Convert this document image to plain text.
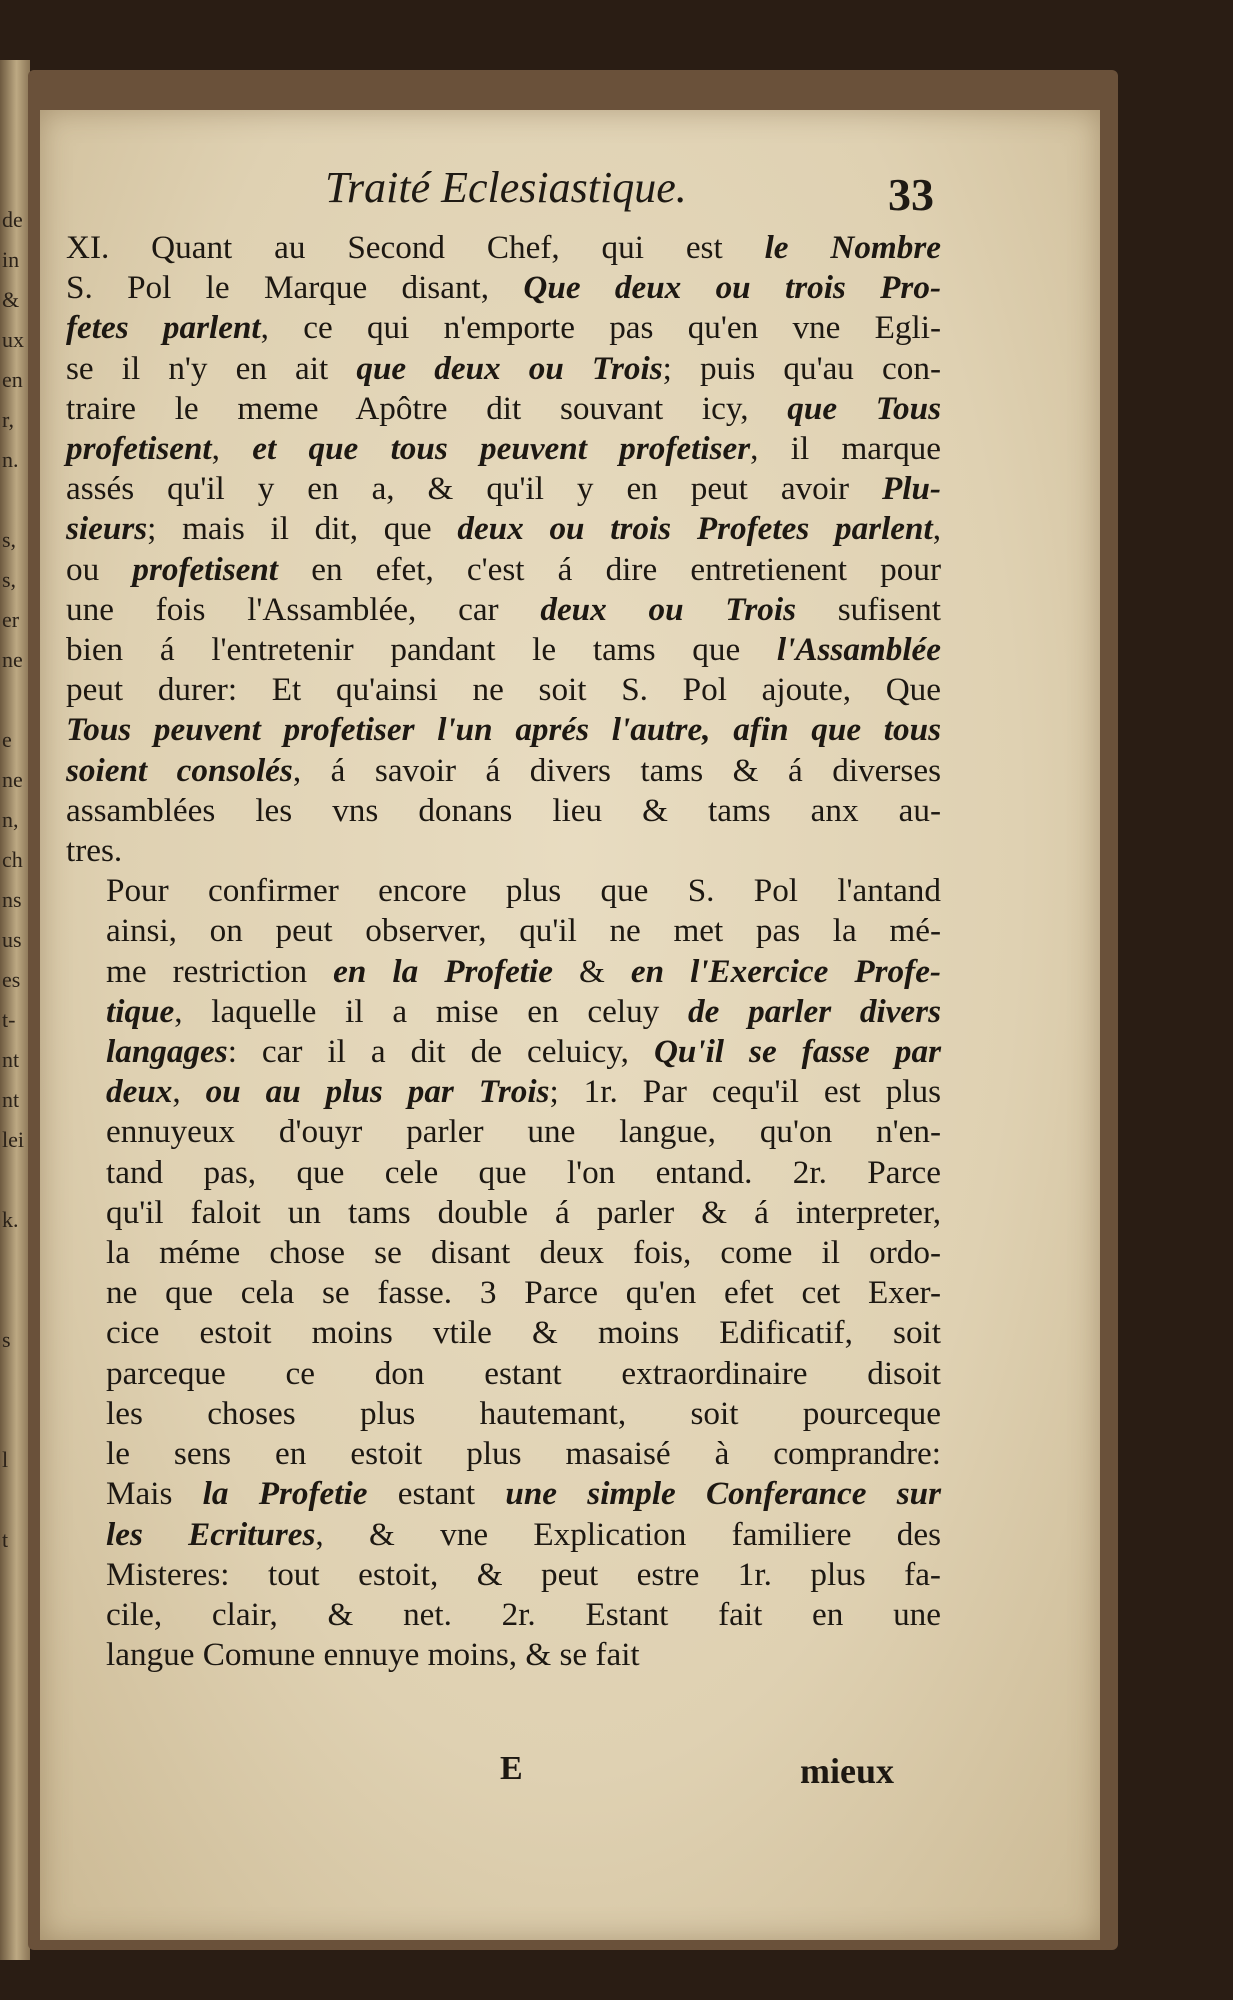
de
in
&
ux
en
r,
n.

s,
s,
er
ne

e
ne
n,
ch
ns
us
es
t-
nt
nt
lei

k.

s

l

t
Traité Eclesiastique.	33

XI. Quant au Second Chef, qui est le Nombre
S. Pol le Marque disant, Que deux ou trois Pro-
fetes parlent, ce qui n'emporte pas qu'en vne Egli-
se il n'y en ait que deux ou Trois; puis qu'au con-
traire le meme Apôtre dit souvant icy, que Tous
profetisent, et que tous peuvent profetiser, il marque
assés qu'il y en a, & qu'il y en peut avoir Plu-
sieurs; mais il dit, que deux ou trois Profetes parlent,
ou profetisent en efet, c'est á dire entretienent pour
une fois l'Assamblée, car deux ou Trois sufisent
bien á l'entretenir pandant le tams que l'Assamblée
peut durer: Et qu'ainsi ne soit S. Pol ajoute, Que
Tous peuvent profetiser l'un aprés l'autre, afin que tous
soient consolés, á savoir á divers tams & á diverses
assamblées les vns donans lieu & tams anx au-
tres.

Pour confirmer encore plus que S. Pol l'antand
ainsi, on peut observer, qu'il ne met pas la mé-
me restriction en la Profetie & en l'Exercice Profe-
tique, laquelle il a mise en celuy de parler divers
langages: car il a dit de celuicy, Qu'il se fasse par
deux, ou au plus par Trois; 1r. Par cequ'il est plus
ennuyeux d'ouyr parler une langue, qu'on n'en-
tand pas, que cele que l'on entand. 2r. Parce
qu'il faloit un tams double á parler & á interpreter,
la méme chose se disant deux fois, come il ordo-
ne que cela se fasse. 3 Parce qu'en efet cet Exer-
cice estoit moins vtile & moins Edificatif, soit
parceque ce don estant extraordinaire disoit
les choses plus hautemant, soit pourceque
le sens en estoit plus masaisé à comprandre:
Mais la Profetie estant une simple Conferance sur
les Ecritures, & vne Explication familiere des
Misteres: tout estoit, & peut estre 1r. plus fa-
cile, clair, & net. 2r. Estant fait en une
langue Comune ennuye moins, & se fait

E	mieux
